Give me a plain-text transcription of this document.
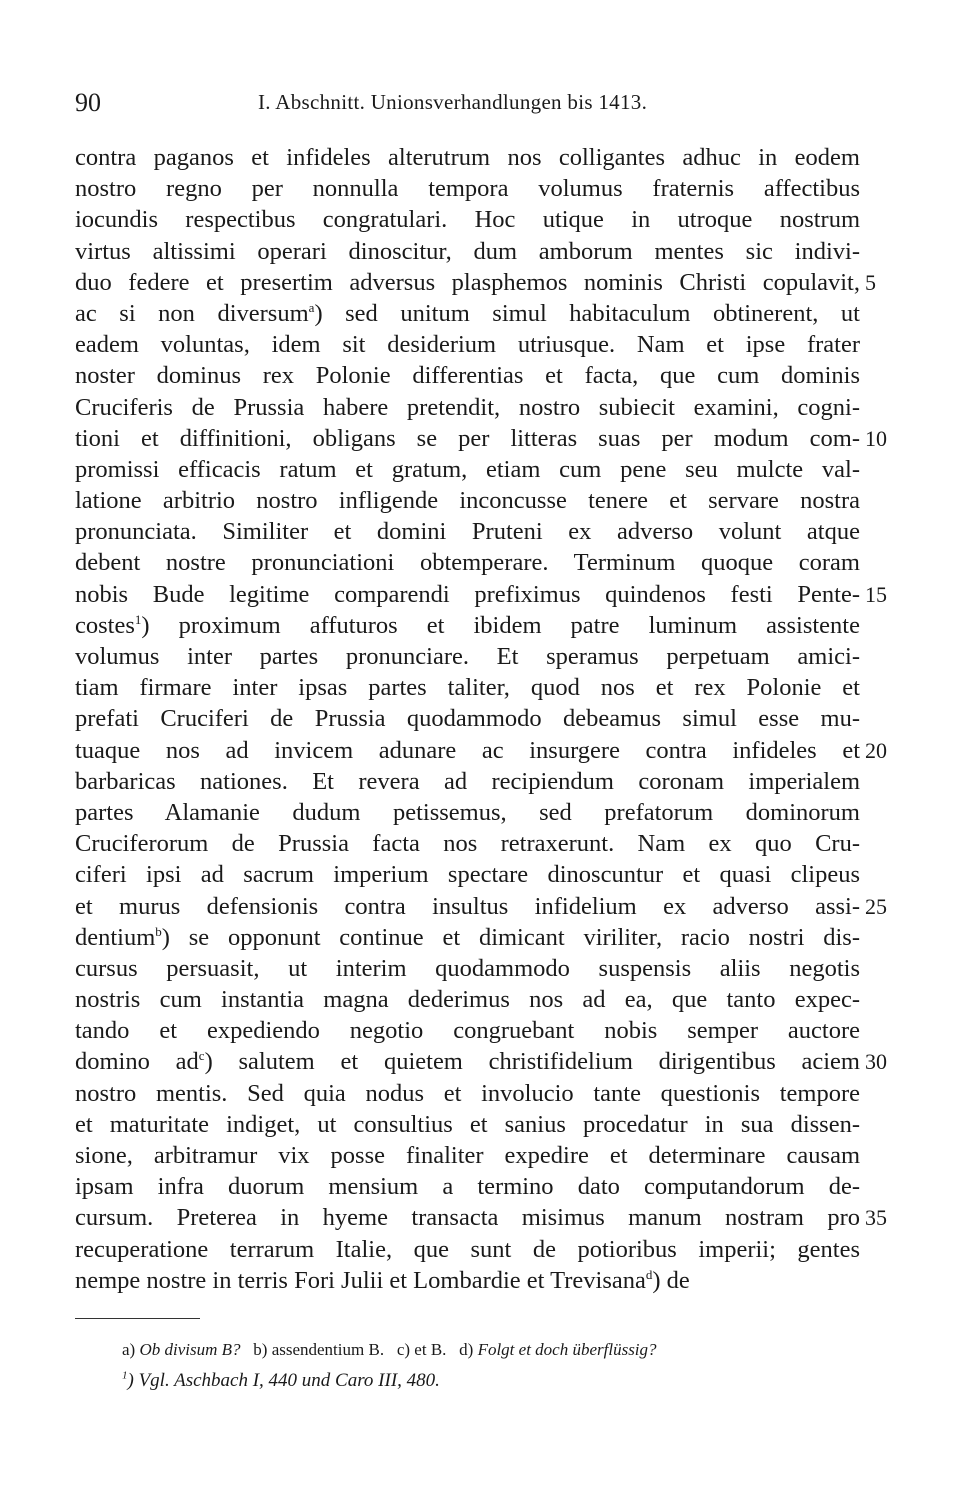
90	I. Abschnitt. Unionsverhandlungen bis 1413.
contra paganos et infideles alterutrum nos colligantes adhuc in eodem
nostro regno per nonnulla tempora volumus fraternis affectibus
iocundis respectibus congratulari. Hoc utique in utroque nostrum
virtus altissimi operari dinoscitur, dum amborum mentes sic indivi-
duo federe et presertim adversus plasphemos nominis Christi copulavit, 5
ac si non diversum$^a$) sed unitum simul habitaculum obtinerent, ut
eadem voluntas, idem sit desiderium utriusque. Nam et ipse frater
noster dominus rex Polonie differentias et facta, que cum dominis
Cruciferis de Prussia habere pretendit, nostro subiecit examini, cogni-
tioni et diffinitioni, obligans se per litteras suas per modum com- 10
promissi efficacis ratum et gratum, etiam cum pene seu mulcte val-
latione arbitrio nostro infligende inconcusse tenere et servare nostra
pronunciata. Similiter et domini Pruteni ex adverso volunt atque
debent nostre pronunciationi obtemperare. Terminum quoque coram
nobis Bude legitime comparendi prefiximus quindenos festi Pente- 15
costes$^1$) proximum affuturos et ibidem patre luminum assistente
volumus inter partes pronunciare. Et speramus perpetuam amici-
tiam firmare inter ipsas partes taliter, quod nos et rex Polonie et
prefati Cruciferi de Prussia quodammodo debeamus simul esse mu-
tuaque nos ad invicem adunare ac insurgere contra infideles et 20
barbaricas nationes. Et revera ad recipiendum coronam imperialem
partes Alamanie dudum petissemus, sed prefatorum dominorum
Cruciferorum de Prussia facta nos retraxerunt. Nam ex quo Cru-
ciferi ipsi ad sacrum imperium spectare dinoscuntur et quasi clipeus
et murus defensionis contra insultus infidelium ex adverso assi- 25
dentium$^b$) se opponunt continue et dimicant viriliter, racio nostri dis-
cursus persuasit, ut interim quodammodo suspensis aliis negotis
nostris cum instantia magna dederimus nos ad ea, que tanto expec-
tando et expediendo negotio congruebant nobis semper auctore
domino $ad^c$) salutem et quietem christifidelium dirigentibus aciem 30
nostro mentis. Sed quia nodus et involucio tante questionis tempore
et maturitate indiget, ut consultius et sanius procedatur in sua dissen-
sione, arbitramur vix posse finaliter expedire et determinare causam
ipsam infra duorum mensium a termino dato computandorum de-
cursum. Preterea in hyeme transacta misimus manum nostram pro 35
recuperatione terrarum Italie, que sunt de potioribus imperii; gentes
nempe nostre in terris Fori Julii et Lombardie et Trevisana$^d$) de
a) Ob divisum B? b) assendentium B. c) et B. d) Folgt et doch überflüssig?
$^1$) Vgl. Aschbach I, 440 und Caro III, 480.
